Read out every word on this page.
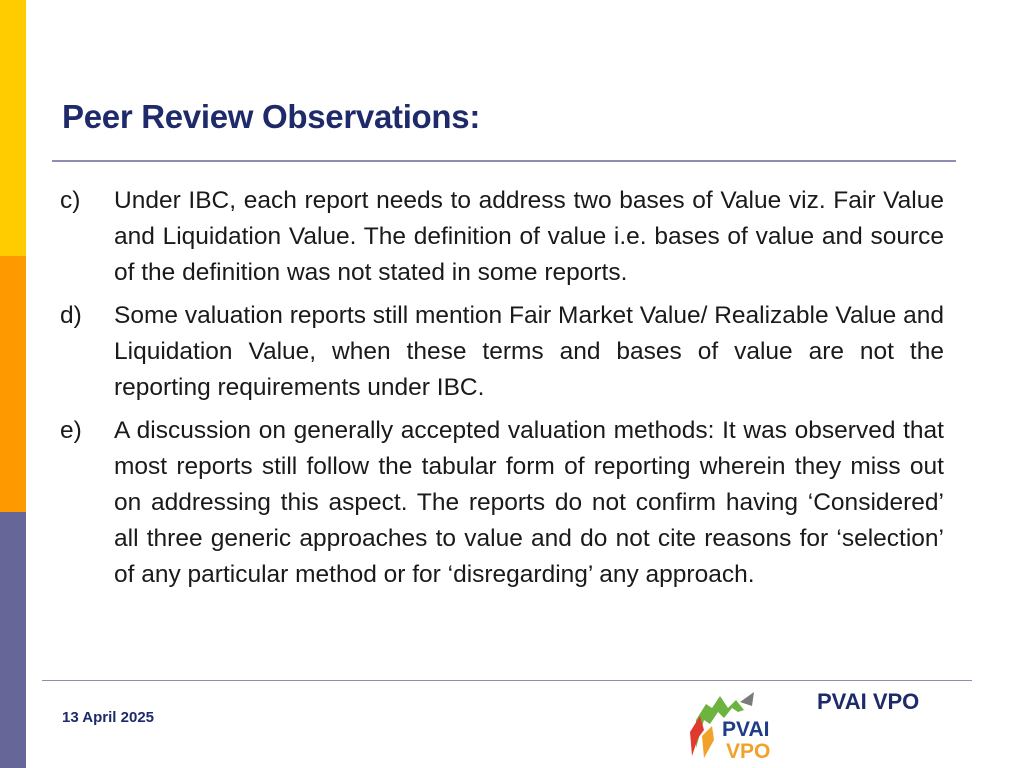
Peer Review Observations:
c)	Under IBC, each report needs to address two bases of Value viz. Fair Value and Liquidation Value. The definition of value i.e. bases of value and source of the definition was not stated in some reports.
d)	Some valuation reports still mention Fair Market Value/ Realizable Value and Liquidation Value, when these terms and bases of value are not the reporting requirements under IBC.
e)	A discussion on generally accepted valuation methods: It was observed that most reports still follow the tabular form of reporting wherein they miss out on addressing this aspect. The reports do not confirm having ‘Considered’ all three generic approaches to value and do not cite reasons for ‘selection’ of any particular method or for ‘disregarding’ any approach.
13 April 2025
PVAI
VPO
PVAI VPO
